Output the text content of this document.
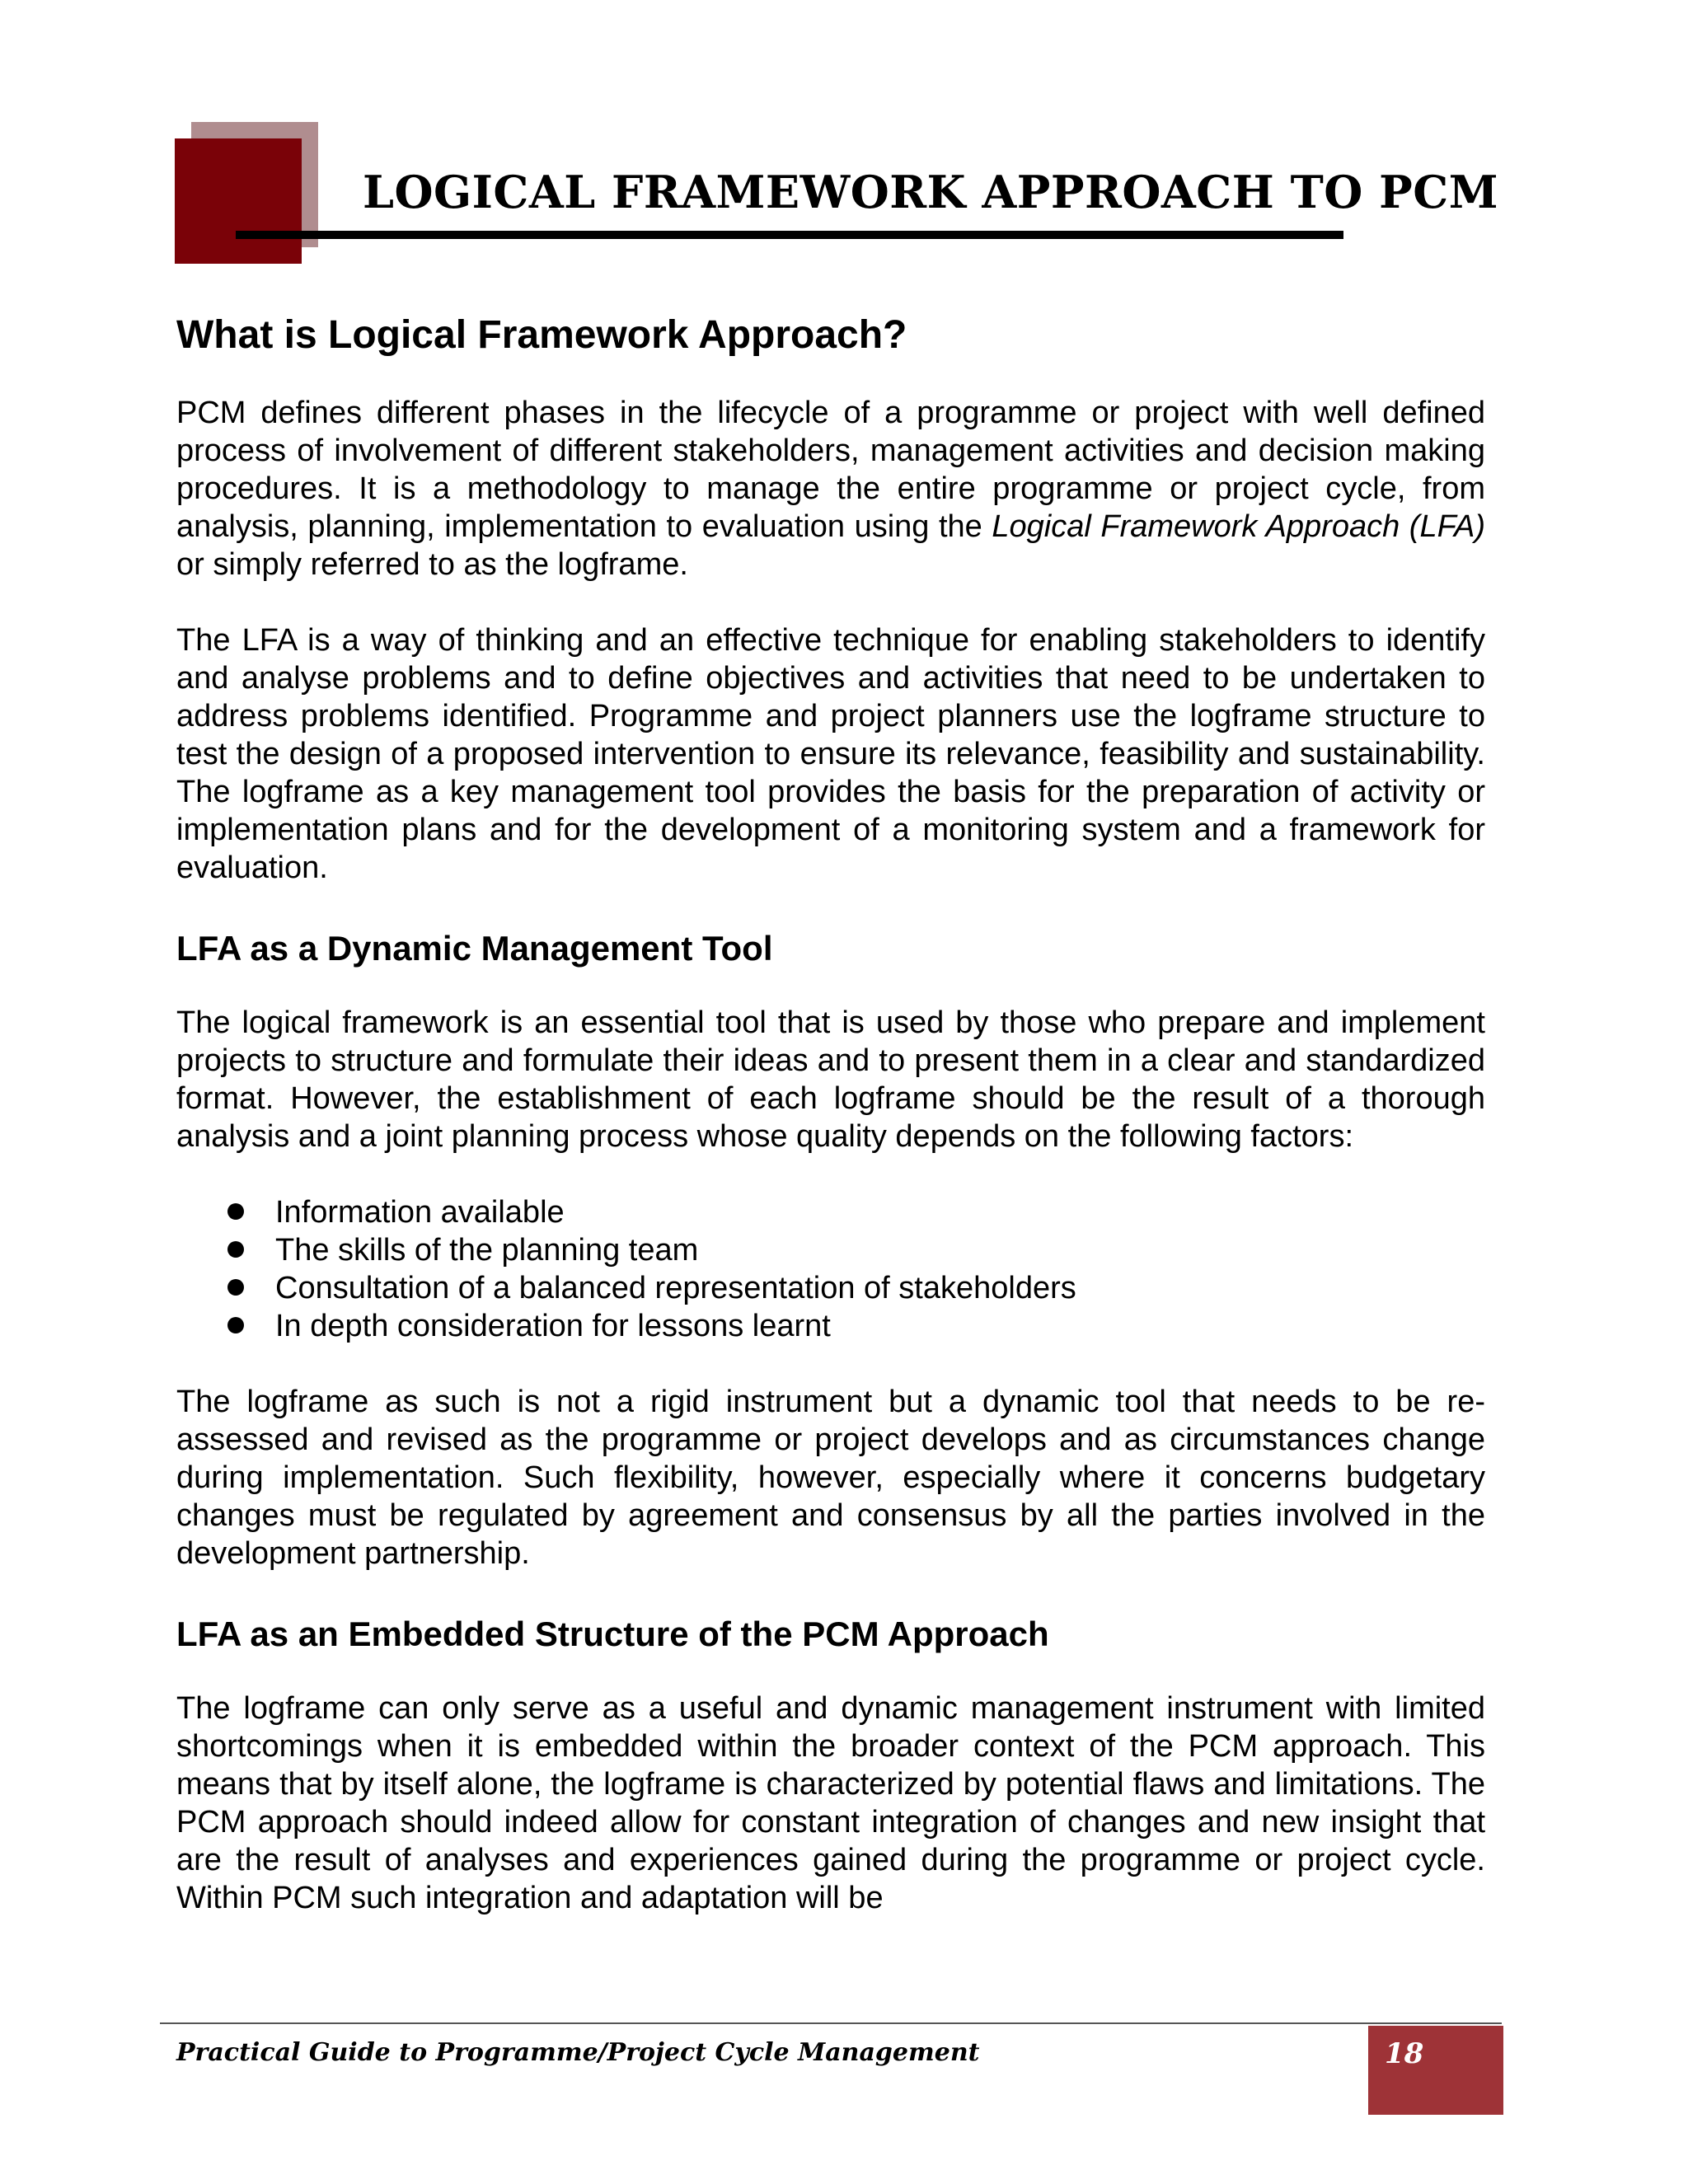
LOGICAL FRAMEWORK APPROACH TO PCM
What is Logical Framework Approach?

PCM defines different phases in the lifecycle of a programme or project with well defined process of involvement of different stakeholders, management activities and decision making procedures. It is a methodology to manage the entire programme or project cycle, from analysis, planning, implementation to evaluation using the Logical Framework Approach (LFA) or simply referred to as the logframe.

The LFA is a way of thinking and an effective technique for enabling stakeholders to identify and analyse problems and to define objectives and activities that need to be undertaken to address problems identified. Programme and project planners use the logframe structure to test the design of a proposed intervention to ensure its relevance, feasibility and sustainability. The logframe as a key management tool provides the basis for the preparation of activity or implementation plans and for the development of a monitoring system and a framework for evaluation.

LFA as a Dynamic Management Tool

The logical framework is an essential tool that is used by those who prepare and implement projects to structure and formulate their ideas and to present them in a clear and standardized format. However, the establishment of each logframe should be the result of a thorough analysis and a joint planning process whose quality depends on the following factors:

Information available
The skills of the planning team
Consultation of a balanced representation of stakeholders
In depth consideration for lessons learnt

The logframe as such is not a rigid instrument but a dynamic tool that needs to be re-assessed and revised as the programme or project develops and as circumstances change during implementation. Such flexibility, however, especially where it concerns budgetary changes must be regulated by agreement and consensus by all the parties involved in the development partnership.

LFA as an Embedded Structure of the PCM Approach

The logframe can only serve as a useful and dynamic management instrument with limited shortcomings when it is embedded within the broader context of the PCM approach. This means that by itself alone, the logframe is characterized by potential flaws and limitations. The PCM approach should indeed allow for constant integration of changes and new insight that are the result of analyses and experiences gained during the programme or project cycle. Within PCM such integration and adaptation will be

Practical Guide to Programme/Project Cycle Management	18
